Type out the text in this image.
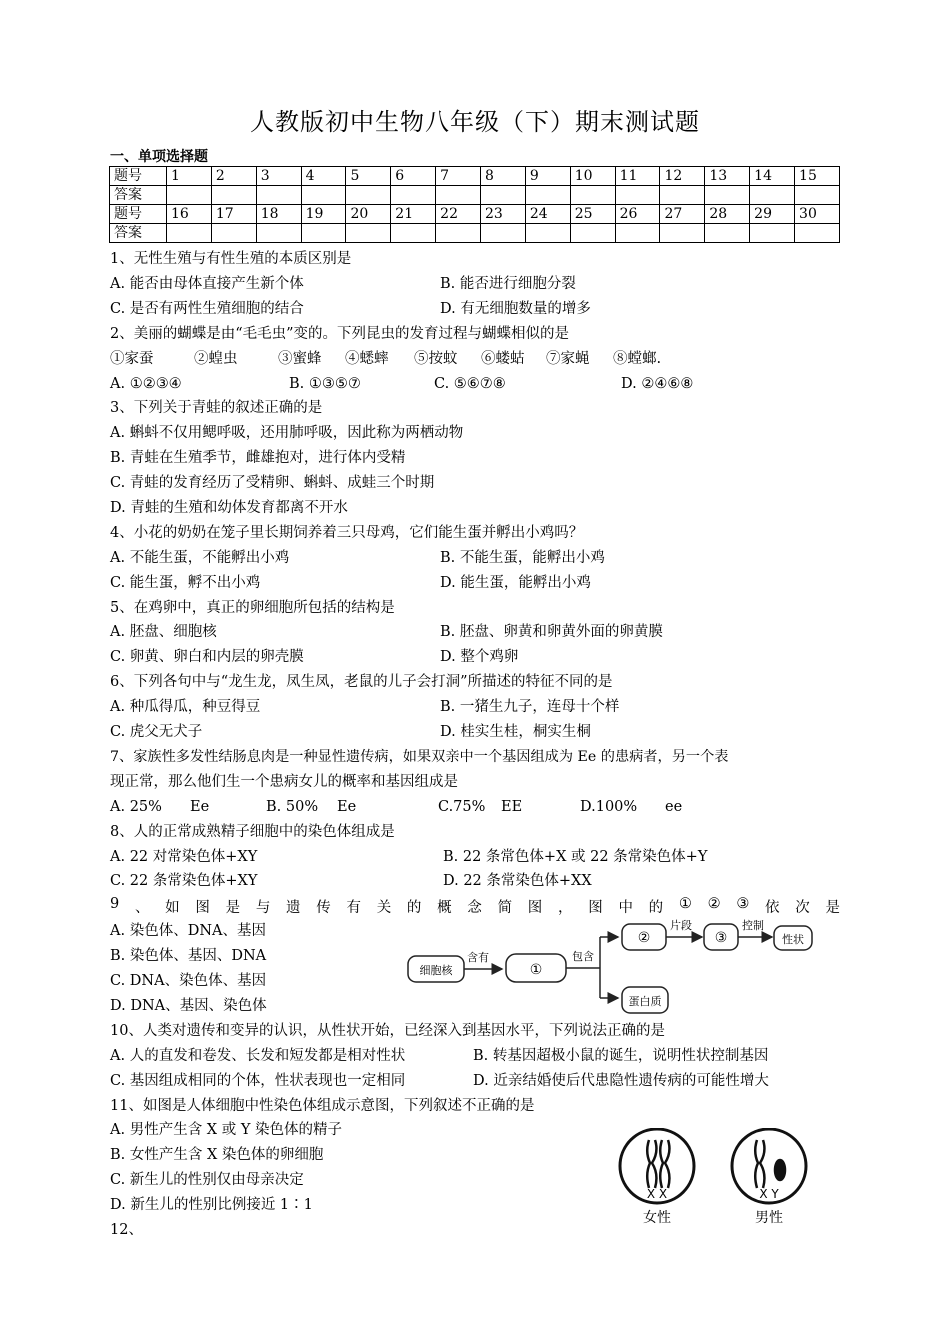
人教版初中生物八年级（下）期末测试题
一、单项选择题
题号	1	2	3	4	5	6	7	8	9	10	11	12	13	14	15
答案															
题号	16	17	18	19	20	21	22	23	24	25	26	27	28	29	30
答案															
1、无性生殖与有性生殖的本质区别是
A. 能否由母体直接产生新个体	B. 能否进行细胞分裂
C. 是否有两性生殖细胞的结合	D. 有无细胞数量的增多
2、美丽的蝴蝶是由“毛毛虫”变的。下列昆虫的发育过程与蝴蝶相似的是
①家蚕	②蝗虫	③蜜蜂 ④蟋蟀 ⑤按蚊 ⑥蝼蛄 ⑦家蝇 ⑧螳螂.
A. ①②③④	B. ①③⑤⑦	C. ⑤⑥⑦⑧	D. ②④⑥⑧
3、下列关于青蛙的叙述正确的是
A. 蝌蚪不仅用鳃呼吸，还用肺呼吸，因此称为两栖动物
B. 青蛙在生殖季节，雌雄抱对，进行体内受精
C. 青蛙的发育经历了受精卵、蝌蚪、成蛙三个时期
D. 青蛙的生殖和幼体发育都离不开水
4、小花的奶奶在笼子里长期饲养着三只母鸡，它们能生蛋并孵出小鸡吗？
A. 不能生蛋，不能孵出小鸡	B. 不能生蛋，能孵出小鸡
C. 能生蛋，孵不出小鸡	D. 能生蛋，能孵出小鸡
5、在鸡卵中，真正的卵细胞所包括的结构是
A. 胚盘、细胞核	B. 胚盘、卵黄和卵黄外面的卵黄膜
C. 卵黄、卵白和内层的卵壳膜	D. 整个鸡卵
6、下列各句中与“龙生龙，凤生凤，老鼠的儿子会打洞”所描述的特征不同的是
A. 种瓜得瓜，种豆得豆	B. 一猪生九子，连母十个样
C. 虎父无犬子	D. 桂实生桂，桐实生桐
7、家族性多发性结肠息肉是一种显性遗传病，如果双亲中一个基因组成为 Ee 的患病者，另一个表
现正常，那么他们生一个患病女儿的概率和基因组成是
A. 25% Ee	B. 50% Ee	C.75% EE	D.100% ee
8、人的正常成熟精子细胞中的染色体组成是
A. 22 对常染色体+XY	B. 22 条常色体+X 或 22 条常染色体+Y
C. 22 条常染色体+XY	D. 22 条常染色体+XX
9 、 如 图 是 与 遗 传 有 关 的 概 念 简 图 ， 图 中 的 ① ② ③ 依 次 是
A. 染色体、DNA、基因
B. 染色体、基因、DNA
C. DNA、染色体、基因
D. DNA、基因、染色体
细胞核
含有
①
包含
②
片段
③
控制
性状
蛋白质
10、人类对遗传和变异的认识，从性状开始，已经深入到基因水平，下列说法正确的是
A. 人的直发和卷发、长发和短发都是相对性状	B. 转基因超极小鼠的诞生，说明性状控制基因
C. 基因组成相同的个体，性状表现也一定相同	D. 近亲结婚使后代患隐性遗传病的可能性增大
11、如图是人体细胞中性染色体组成示意图，下列叙述不正确的是
A. 男性产生含 X 或 Y 染色体的精子
B. 女性产生含 X 染色体的卵细胞
C. 新生儿的性别仅由母亲决定
D. 新生儿的性别比例接近 1∶1
X X	X Y
女性	男性
12、
